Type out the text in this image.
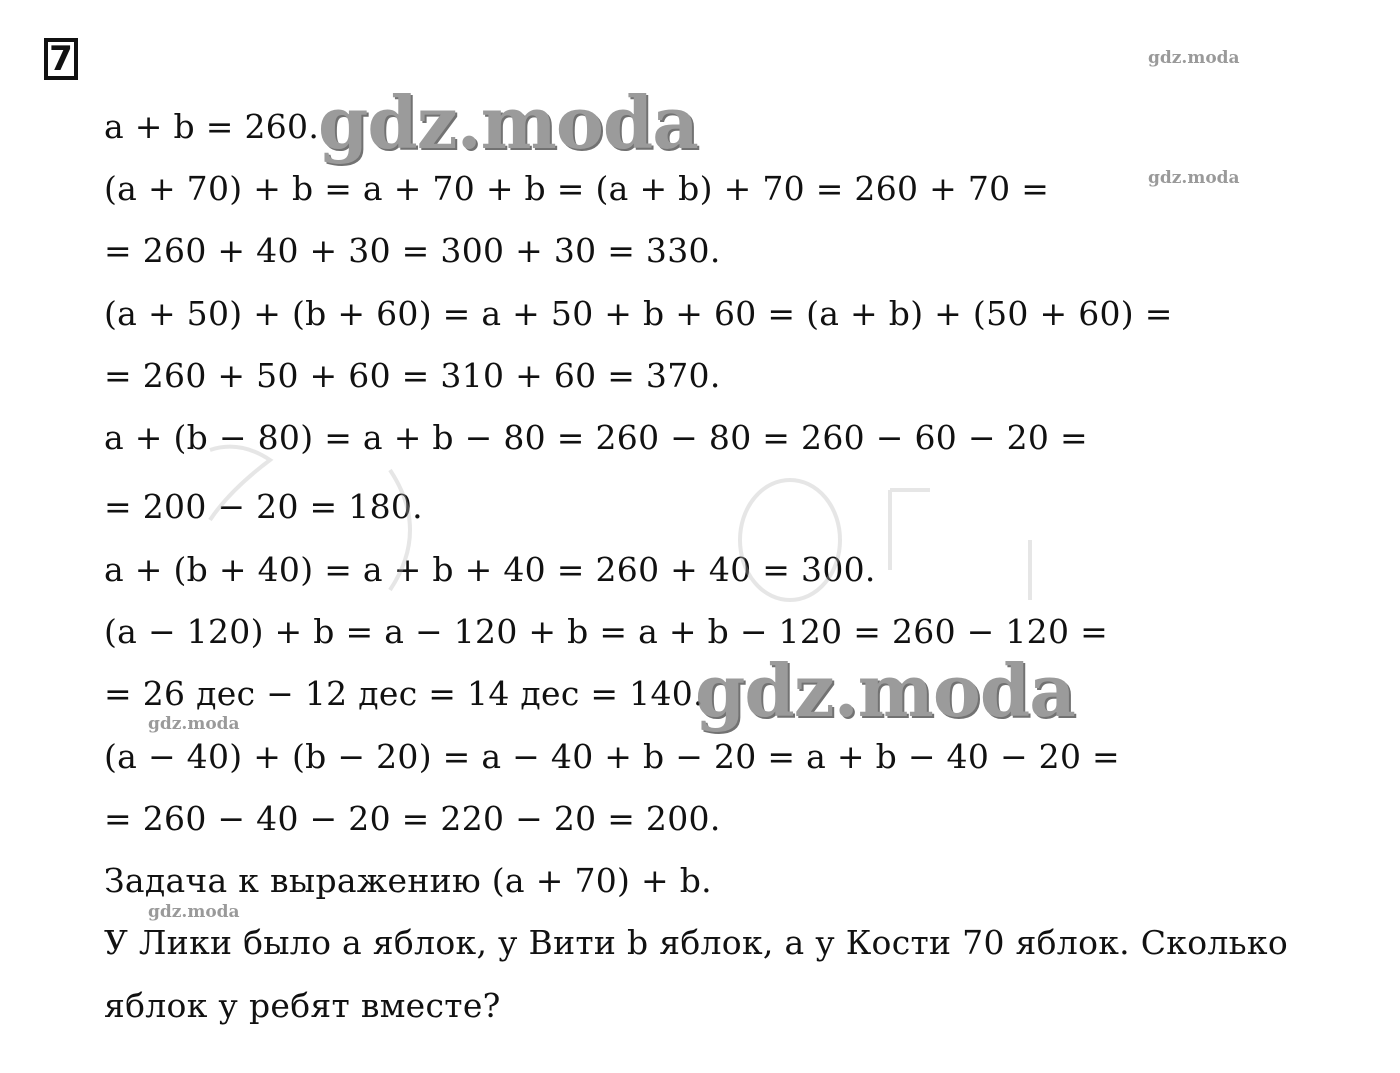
7
a + b = 260.
(a + 70) + b = a + 70 + b = (a + b) + 70 = 260 + 70 =
= 260 + 40 + 30 = 300 + 30 = 330.
(a + 50) + (b + 60) = a + 50 + b + 60 = (a + b) + (50 + 60) =
= 260 + 50 + 60 = 310 + 60 = 370.
a + (b − 80) = a + b − 80 = 260 − 80 = 260 − 60 − 20 =
= 200 − 20 = 180.
a + (b + 40) = a + b + 40 = 260 + 40 = 300.
(a − 120) + b = a − 120 + b = a + b − 120 = 260 − 120 =
= 26 дес − 12 дес = 14 дес = 140.
(a − 40) + (b − 20) = a − 40 + b − 20 = a + b − 40 − 20 =
= 260 − 40 − 20 = 220 − 20 = 200.
Задача к выражению (a + 70) + b.
У Лики было a яблок, у Вити b яблок, а у Кости 70 яблок. Сколько
яблок у ребят вместе?
gdz.moda
gdz.moda
gdz.moda
gdz.moda
gdz.moda
gdz.moda
